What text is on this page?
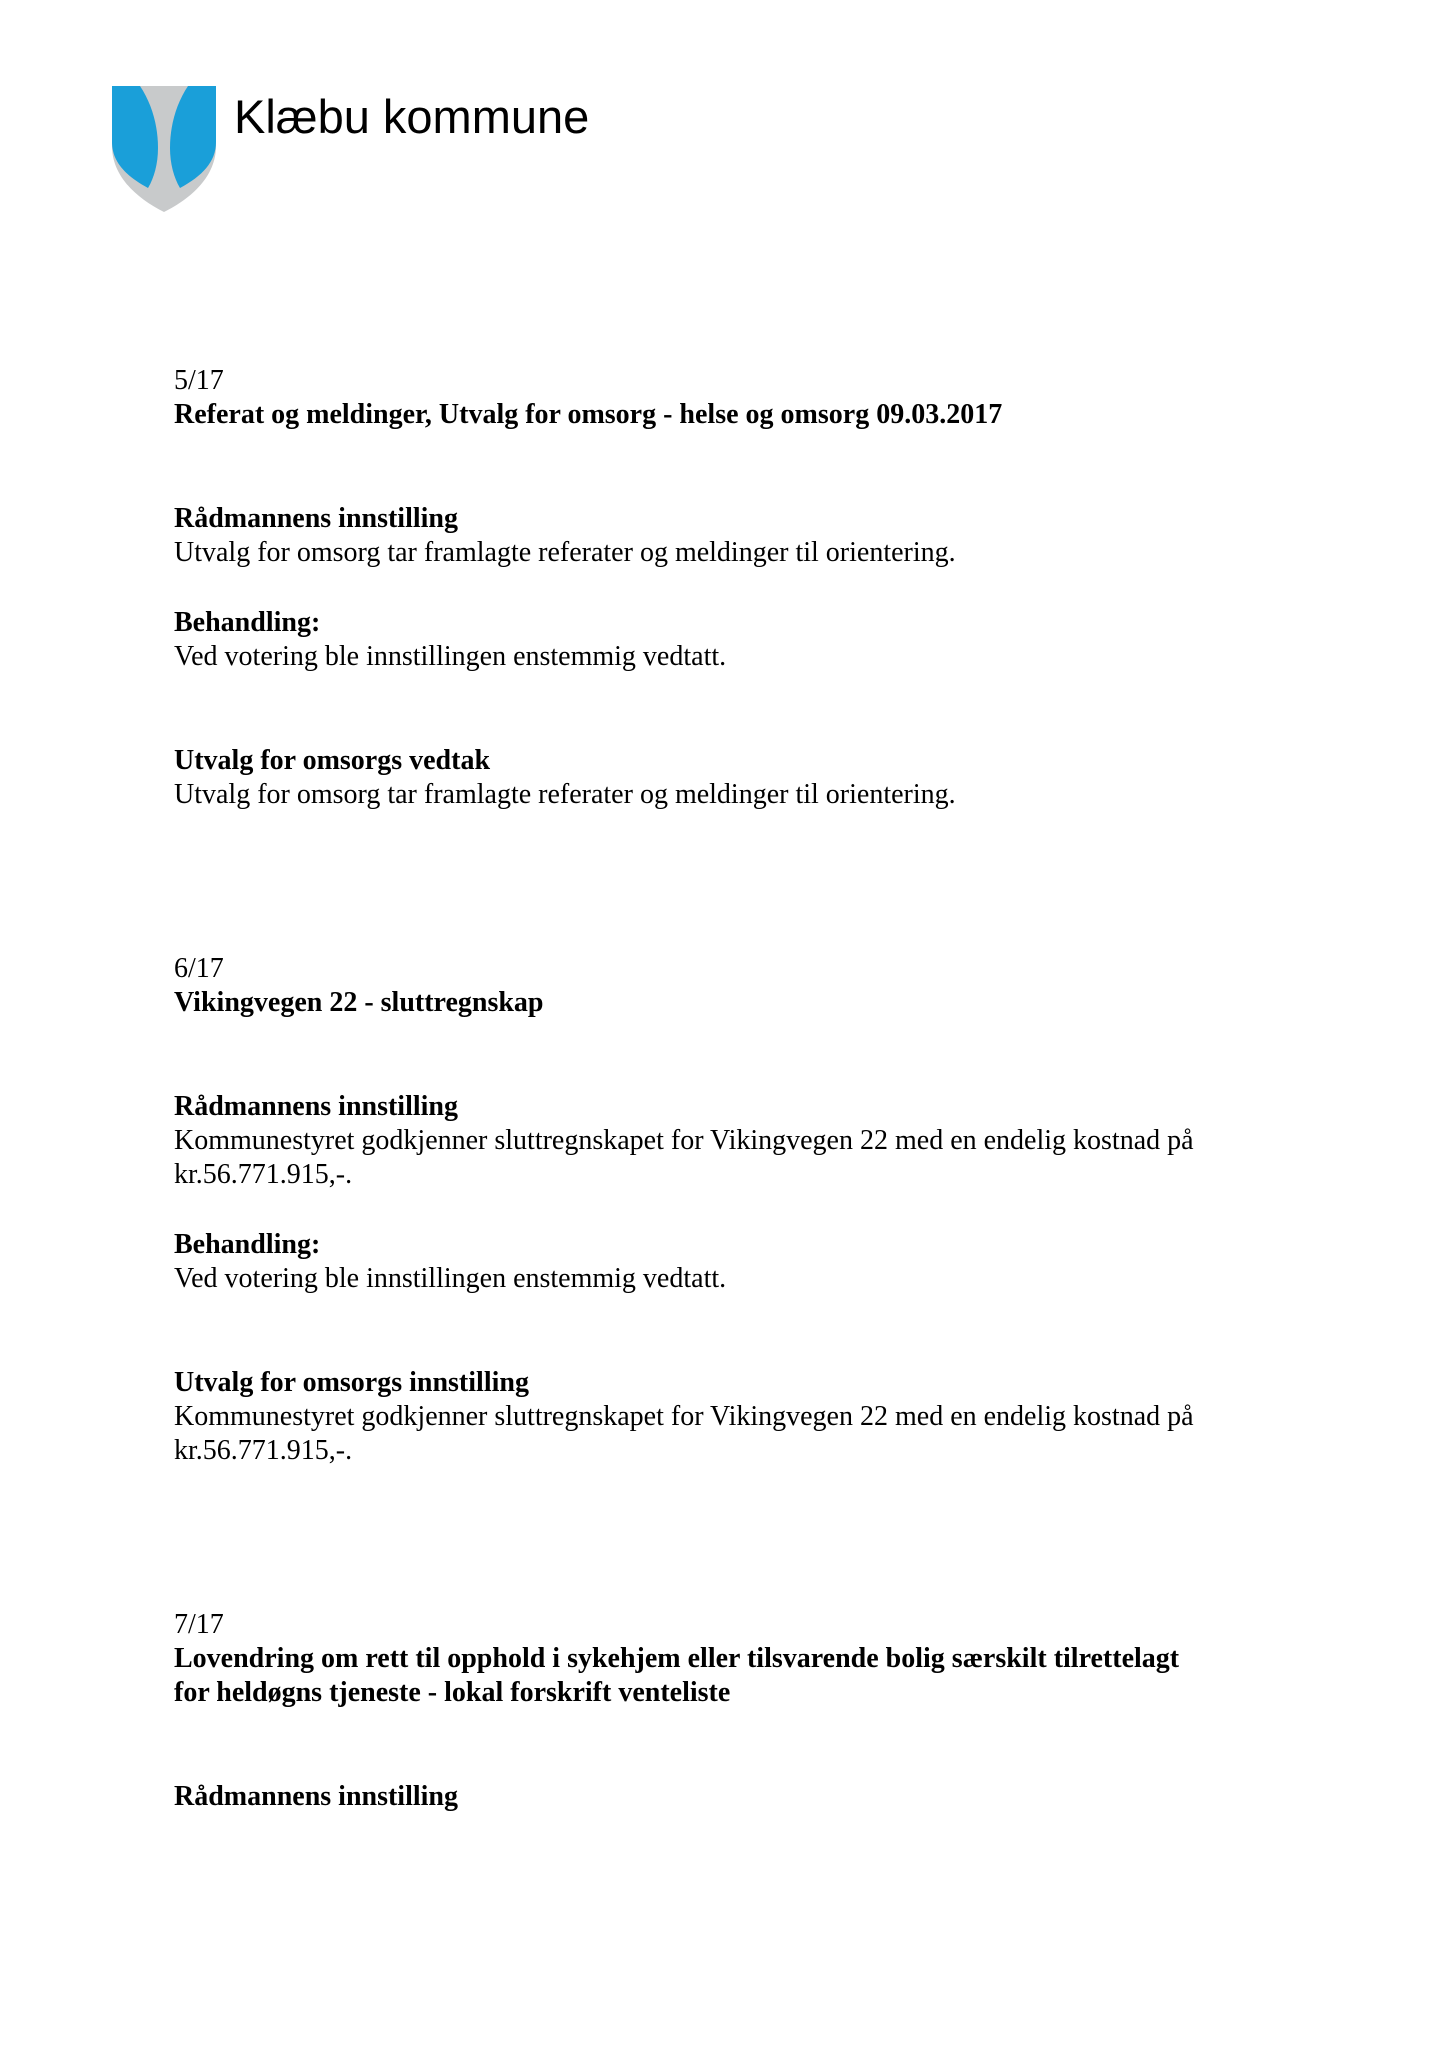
Klæbu kommune
5/17
Referat og meldinger, Utvalg for omsorg - helse og omsorg 09.03.2017
Rådmannens innstilling
Utvalg for omsorg tar framlagte referater og meldinger til orientering.
Behandling:
Ved votering ble innstillingen enstemmig vedtatt.
Utvalg for omsorgs vedtak
Utvalg for omsorg tar framlagte referater og meldinger til orientering.
6/17
Vikingvegen 22 - sluttregnskap
Rådmannens innstilling
Kommunestyret godkjenner sluttregnskapet for Vikingvegen 22 med en endelig kostnad på
kr.56.771.915,-.
Behandling:
Ved votering ble innstillingen enstemmig vedtatt.
Utvalg for omsorgs innstilling
Kommunestyret godkjenner sluttregnskapet for Vikingvegen 22 med en endelig kostnad på
kr.56.771.915,-.
7/17
Lovendring om rett til opphold i sykehjem eller tilsvarende bolig særskilt tilrettelagt
for heldøgns tjeneste - lokal forskrift venteliste
Rådmannens innstilling
